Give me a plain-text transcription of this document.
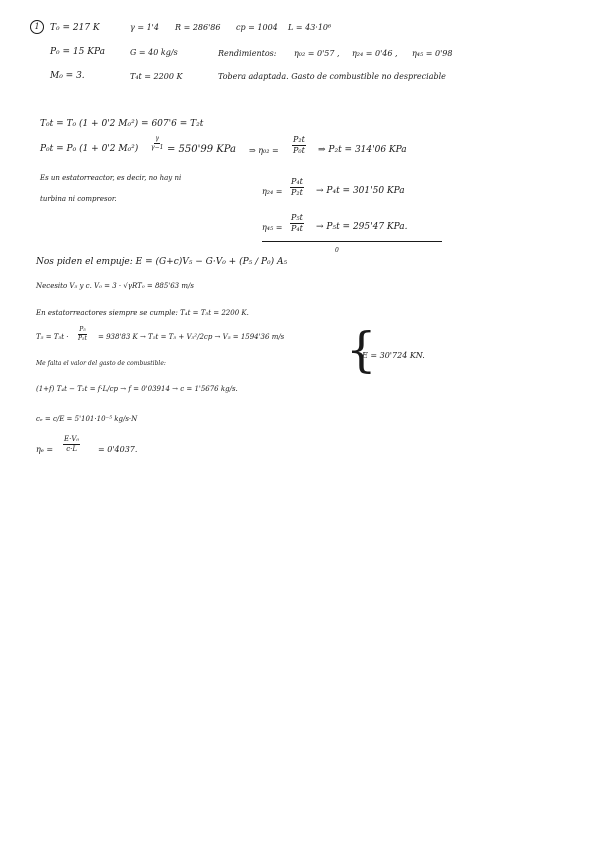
1	T₀ = 217 K	γ = 1'4 R = 286'86 cp = 1004 L = 43·10⁶
P₀ = 15 KPa	G = 40 kg/s	Rendimientos: η₀₂ = 0'57 , η₂₄ = 0'46 , η₄₅ = 0'98
M₀ = 3.	T₄t = 2200 K	Tobera adaptada. Gasto de combustible no despreciable
T₀t = T₀ (1 + 0'2 M₀²) = 607'6 = T₂t
P₀t = P₀ (1 + 0'2 $M_0^2) \frac{\gamma}{\gamma-1} = 550'99$ KPa ⇒ $\eta_{02} = \frac{\text{P₂t}}{\text{P₀t}}$ ⇒ P₂t = 314'06 KPa
Es un estatorreactor, es decir, no hay ni
turbina ni compresor.
$\eta_{24} = \frac{\text{P₄t}}{\text{P₂t}} \to P_4t = 301'50$ KPa
$\eta_{45} = \frac{\text{P₅t}}{\text{P₄t}} \to P_5t = 295'47$ KPa.
Nos piden el empuje: E = (G+c)V₅ − G·V₀ + (P₅ ∕ P₀) A₅
0
Necesito V₅ y c. V₀ = 3 · √γRT₀ = 885'63 m/s
En estatorreactores siempre se cumple: T₄t = T₅t = 2200 K.
$T_5 = T_5t \cdot \frac{\text{P₅}}{\text{P₅t}} = 938'83$ K → T₅t = T₅ + V₅²/2cp → V₅ = 1594'36 m/s
Me falta el valor del gasto de combustible:
(1+f) T₄t − T₂t = f·L/cp → f = 0'03914 → c = 1'5676 kg/s.
cₑ = c/E = 5'101·10⁻⁵ kg/s·N
$\eta_e = \frac{\text{E·V₀}}{c\cdot L} = 0'4037$.
{
E = 30'724 KN.
